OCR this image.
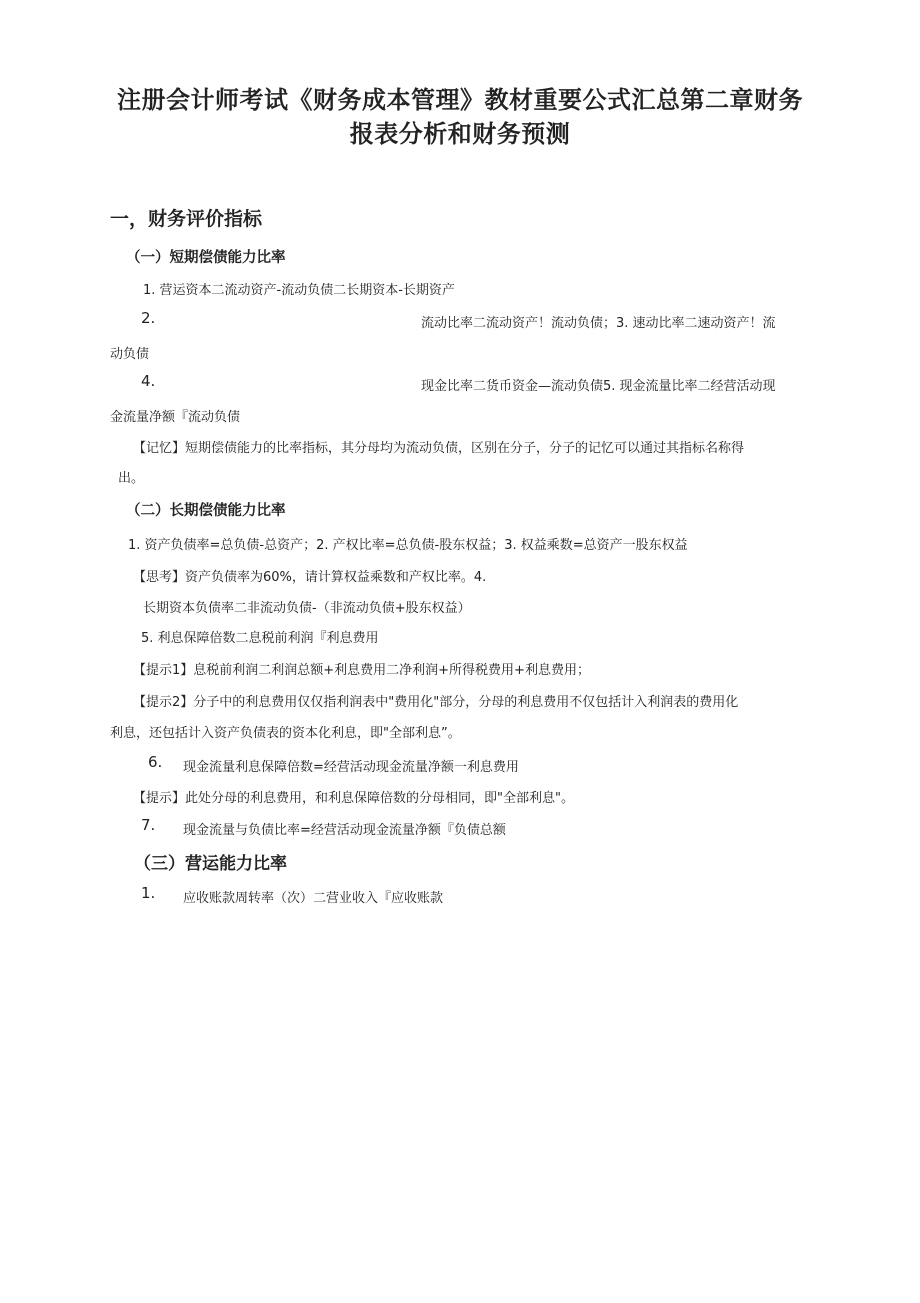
注册会计师考试《财务成本管理》教材重要公式汇总第二章财务
报表分析和财务预测
一，财务评价指标
（一）短期偿债能力比率
1. 营运资本二流动资产-流动负债二长期资本-长期资产
2.	流动比率二流动资产！流动负债；3. 速动比率二速动资产！流
动负债
4.	现金比率二货币资金—流动负债5. 现金流量比率二经营活动现
金流量净额『流动负债
【记忆】短期偿债能力的比率指标，其分母均为流动负债，区别在分子，分子的记忆可以通过其指标名称得
出。
（二）长期偿债能力比率
1. 资产负债率=总负债-总资产；2. 产权比率=总负债-股东权益；3. 权益乘数=总资产一股东权益
【思考】资产负债率为60%，请计算权益乘数和产权比率。4.
长期资本负债率二非流动负债-（非流动负债+股东权益）
5. 利息保障倍数二息税前利润『利息费用
【提示1】息税前利润二利润总额+利息费用二净利润+所得税费用+利息费用；
【提示2】分子中的利息费用仅仅指利润表中"费用化"部分，分母的利息费用不仅包括计入利润表的费用化
利息，还包括计入资产负债表的资本化利息，即"全部利息”。
6. 现金流量利息保障倍数=经营活动现金流量净额一利息费用
【提示】此处分母的利息费用，和利息保障倍数的分母相同，即"全部利息"。
7. 现金流量与负债比率=经营活动现金流量净额『负债总额
（三）营运能力比率
1. 应收账款周转率（次）二营业收入『应收账款
